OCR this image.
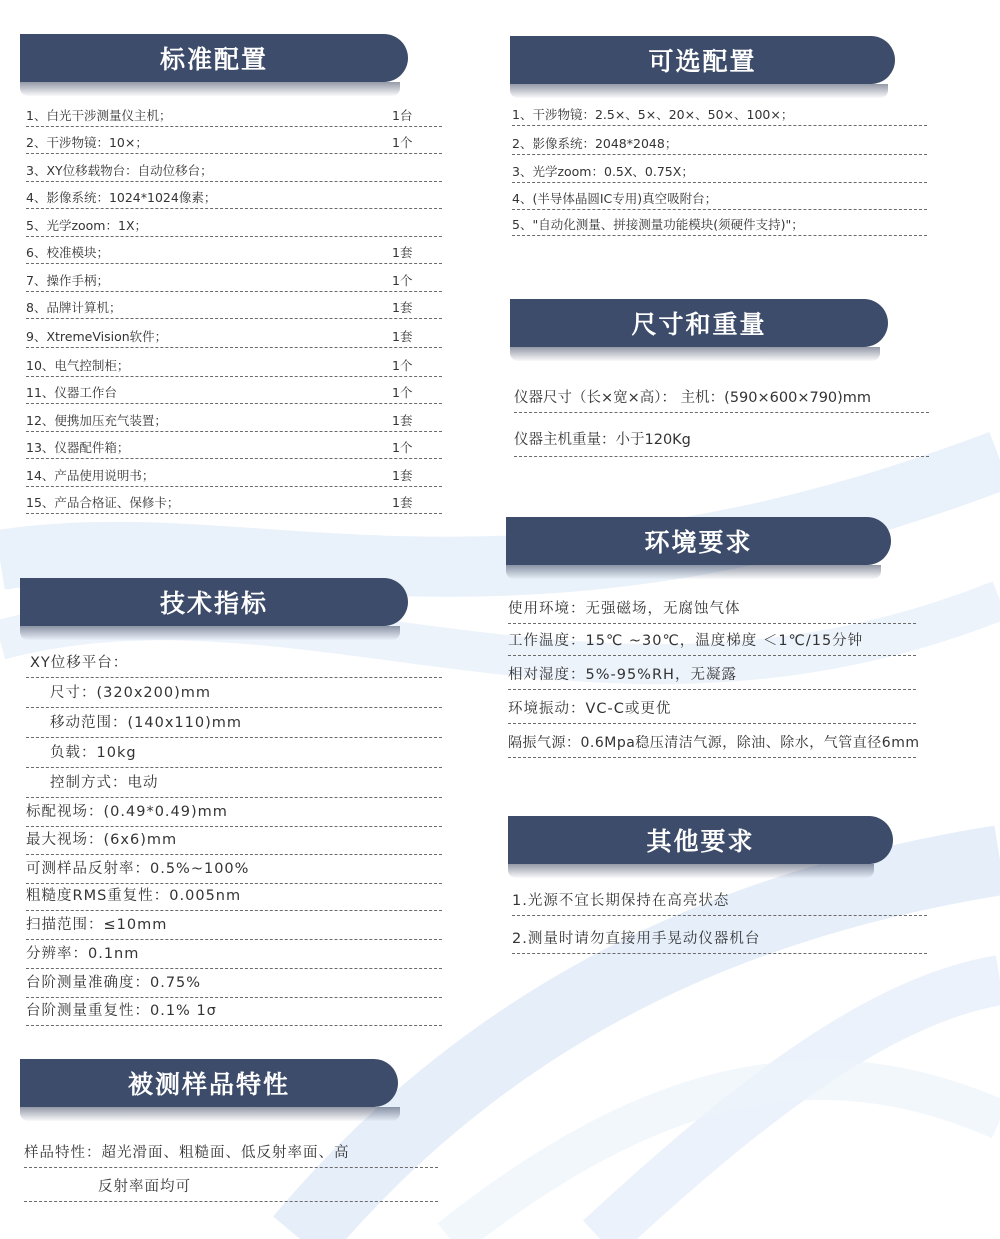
标准配置
1、白光干涉测量仪主机；	1台
2、干涉物镜：10×；	1个
3、XY位移载物台：自动位移台；
4、影像系统：1024*1024像素；
5、光学zoom：1X；
6、校准模块；	1套
7、操作手柄；	1个
8、品牌计算机；	1套
9、XtremeVision软件；	1套
10、电气控制柜；	1个
11、仪器工作台	1个
12、便携加压充气装置；	1套
13、仪器配件箱；	1个
14、产品使用说明书；	1套
15、产品合格证、保修卡；	1套
可选配置
1、干涉物镜：2.5×、5×、20×、50×、100×；
2、影像系统：2048*2048；
3、光学zoom：0.5X、0.75X；
4、(半导体晶圆IC专用)真空吸附台；
5、"自动化测量、拼接测量功能模块(须硬件支持)"；
尺寸和重量
仪器尺寸（长×宽×高）： 主机：(590×600×790)mm
仪器主机重量：小于120Kg
技术指标
XY位移平台：
尺寸：(320x200)mm
移动范围：(140x110)mm
负载：10kg
控制方式：电动
标配视场：(0.49*0.49)mm
最大视场：(6x6)mm
可测样品反射率：0.5%~100%
粗糙度RMS重复性：0.005nm
扫描范围：≤10mm
分辨率：0.1nm
台阶测量准确度：0.75%
台阶测量重复性：0.1% 1σ
环境要求
使用环境：无强磁场，无腐蚀气体
工作温度：15℃ ~30℃，温度梯度 ＜1℃/15分钟
相对湿度：5%-95%RH，无凝露
环境振动：VC-C或更优
隔振气源：0.6Mpa稳压清洁气源，除油、除水，气管直径6mm
其他要求
1.光源不宜长期保持在高亮状态
2.测量时请勿直接用手晃动仪器机台
被测样品特性
样品特性：超光滑面、粗糙面、低反射率面、高
反射率面均可
